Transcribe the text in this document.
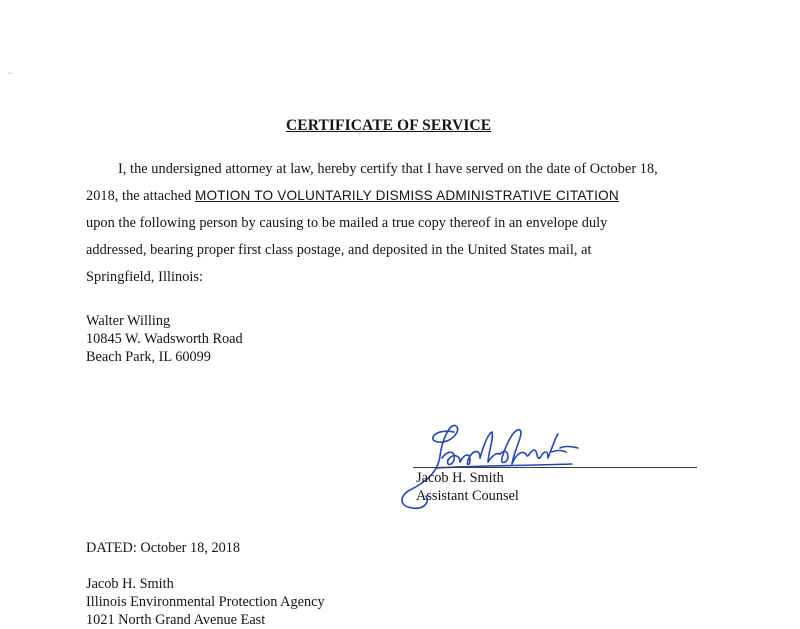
~
CERTIFICATE OF SERVICE
I, the undersigned attorney at law, hereby certify that I have served on the date of October 18,
2018, the attached MOTION TO VOLUNTARILY DISMISS ADMINISTRATIVE CITATION
upon the following person by causing to be mailed a true copy thereof in an envelope duly
addressed, bearing proper first class postage, and deposited in the United States mail, at
Springfield, Illinois:
Walter Willing
10845 W. Wadsworth Road
Beach Park, IL 60099
Jacob H. Smith
Assistant Counsel
DATED: October 18, 2018
Jacob H. Smith
Illinois Environmental Protection Agency
1021 North Grand Avenue East
